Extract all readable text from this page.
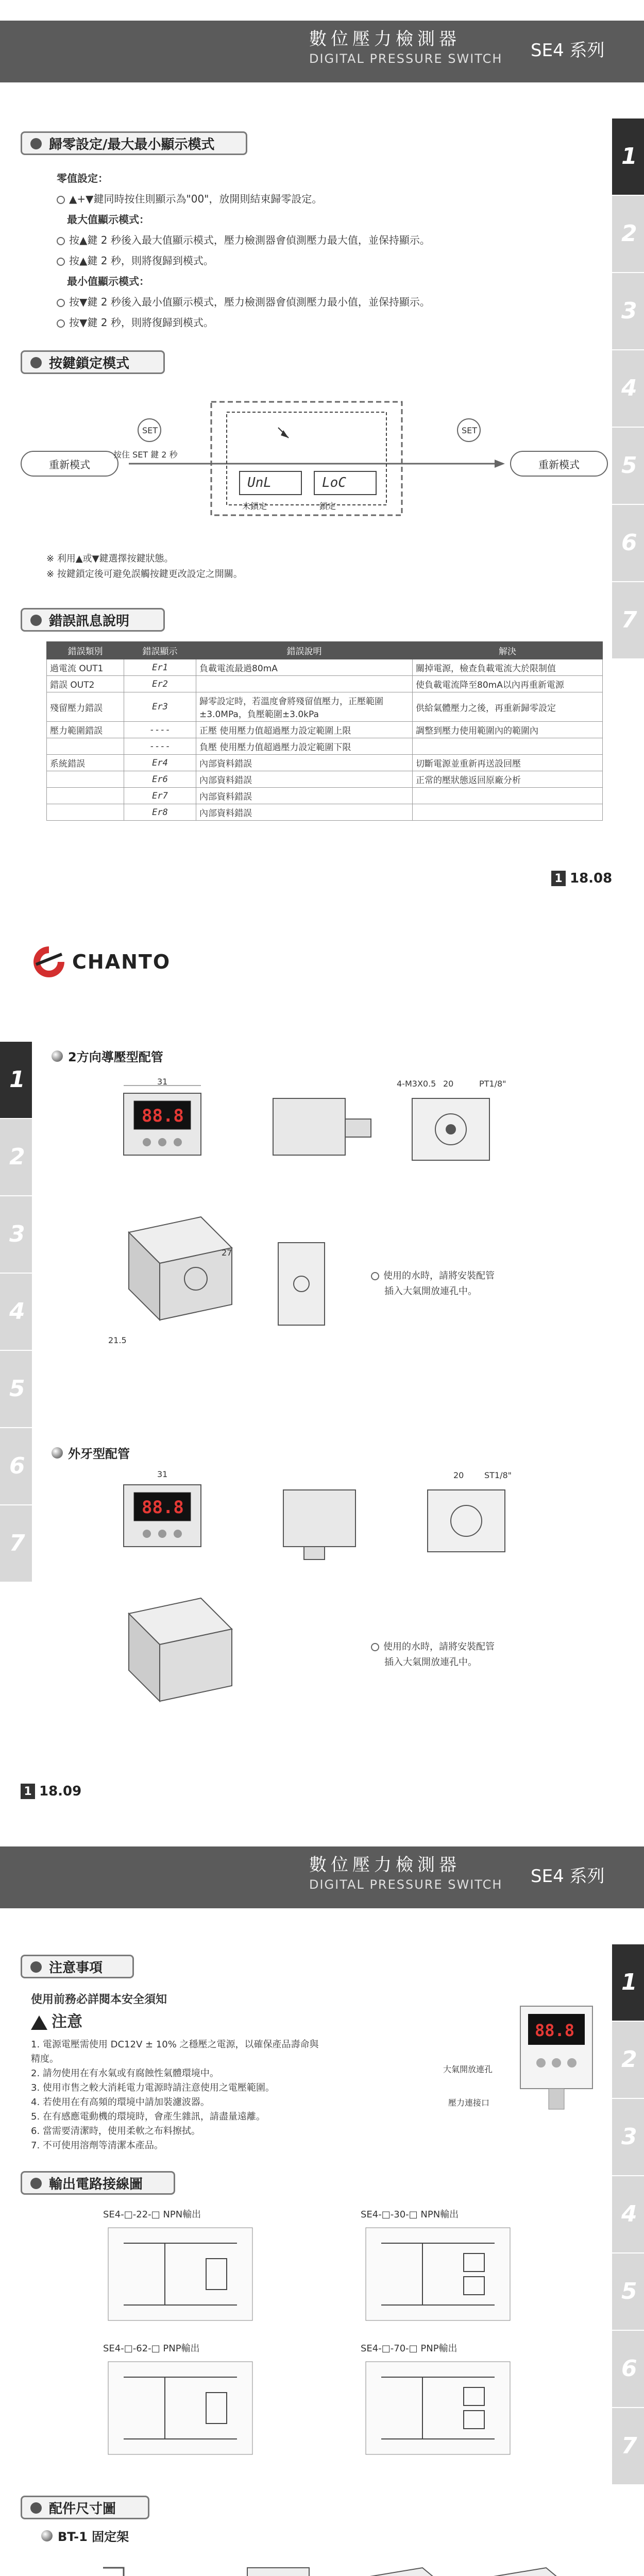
數位壓力檢測器
DIGITAL PRESSURE SWITCH SE4 系列
1
2
3
4
5
6
7
歸零設定/最大最小顯示模式
零值設定：
▲+▼鍵同時按住則顯示為"00"，放開則結束歸零設定。
最大值顯示模式：
按▲鍵 2 秒後入最大值顯示模式，壓力檢測器會偵測壓力最大值，並保持顯示。
按▲鍵 2 秒，則將復歸到模式。
最小值顯示模式：
按▼鍵 2 秒後入最小值顯示模式，壓力檢測器會偵測壓力最小值，並保持顯示。
按▼鍵 2 秒，則將復歸到模式。
按鍵鎖定模式
重新模式	重新模式
SET	SET
按住 SET 鍵 2 秒
UnL	LoC
未鎖定	鎖定
※ 利用▲或▼鍵選擇按鍵狀態。
※ 按鍵鎖定後可避免誤觸按鍵更改設定之開關。
錯誤訊息說明
錯誤類別	錯誤顯示	錯誤說明	解決
過電流 OUT1	Er1	負載電流最過80mA	關掉電源，檢查負載電流大於限制值
錯誤 OUT2	Er2		使負載電流降至80mA以內再重新電源
殘留壓力錯誤	Er3	歸零設定時，若溫度會將殘留值壓力，正壓範圍±3.0MPa，負壓範圍±3.0kPa	供給氣體壓力之後，再重新歸零設定
壓力範圍錯誤	----	正壓 使用壓力值超過壓力設定範圍上限	調整到壓力使用範圍內的範圍內
	----	負壓 使用壓力值超過壓力設定範圍下限	
系統錯誤	Er4	內部資料錯誤	切斷電源並重新再送設回壓
	Er6	內部資料錯誤	正常的壓狀態返回原廠分析
	Er7	內部資料錯誤	
	Er8	內部資料錯誤	
1 18.08
CHANTO
1
2
3
4
5
6
7
2方向導壓型配管
88.8
31	4-M3X0.5 20	PT1/8"
21.5
27
使用的水時，請將安裝配管
插入大氣開放連孔中。
外牙型配管
88.8
31	20 ST1/8"
使用的水時，請將安裝配管
插入大氣開放連孔中。
1 18.09
數位壓力檢測器
DIGITAL PRESSURE SWITCH SE4 系列
1
2
3
4
5
6
7
注意事項
使用前務必詳閱本安全須知
注意
1. 電源電壓需使用 DC12V ± 10% 之穩壓之電源，以確保產品壽命與
精度。
2. 請勿使用在有水氣或有腐蝕性氣體環境中。
3. 使用市售之較大消耗電力電源時請注意使用之電壓範圍。
4. 若使用在有高頻的環境中請加裝濾波器。
5. 在有感應電動機的環境時，會產生雜訊，請盡量遠離。
6. 當需要清潔時，使用柔軟之布料擦拭。
7. 不可使用溶劑等清潔本產品。
88.8
大氣開放連孔
壓力連接口
輸出電路接線圖
SE4-□-22-□ NPN輸出	SE4-□-30-□ NPN輸出
SE4-□-62-□ PNP輸出	SE4-□-70-□ PNP輸出
配件尺寸圖
BT-1 固定架
